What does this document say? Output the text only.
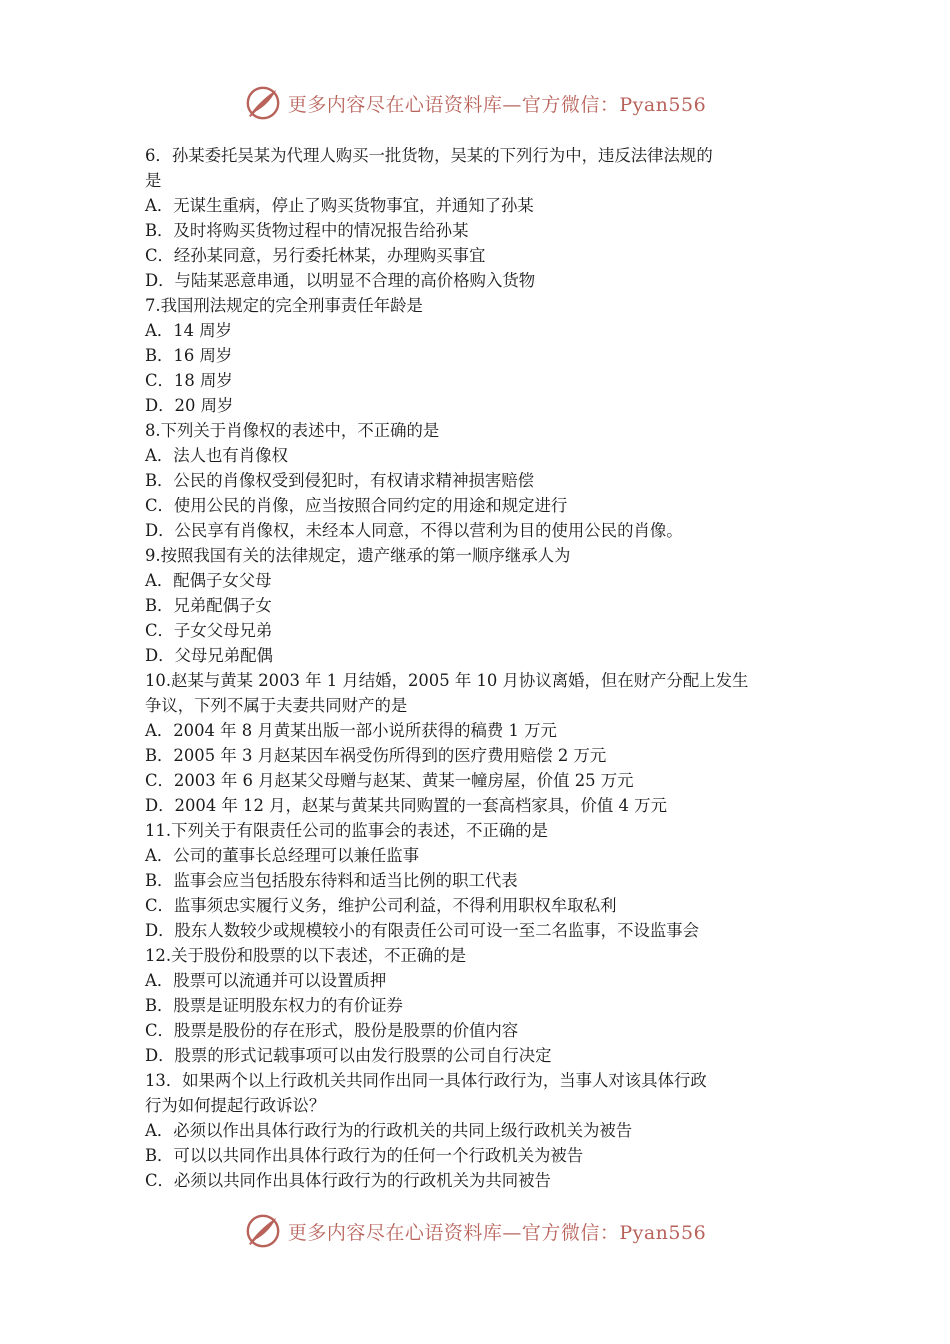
更多内容尽在心语资料库—官方微信：Pyan556
6．孙某委托吴某为代理人购买一批货物，吴某的下列行为中，违反法律法规的
是
A．无谋生重病，停止了购买货物事宜，并通知了孙某
B．及时将购买货物过程中的情况报告给孙某
C．经孙某同意，另行委托林某，办理购买事宜
D．与陆某恶意串通，以明显不合理的高价格购入货物
7.我国刑法规定的完全刑事责任年龄是
A．14 周岁
B．16 周岁
C．18 周岁
D．20 周岁
8.下列关于肖像权的表述中，不正确的是
A．法人也有肖像权
B．公民的肖像权受到侵犯时，有权请求精神损害赔偿
C．使用公民的肖像，应当按照合同约定的用途和规定进行
D．公民享有肖像权，未经本人同意，不得以营利为目的使用公民的肖像。
9.按照我国有关的法律规定，遗产继承的第一顺序继承人为
A．配偶子女父母
B．兄弟配偶子女
C．子女父母兄弟
D．父母兄弟配偶
10.赵某与黄某 2003 年 1 月结婚，2005 年 10 月协议离婚，但在财产分配上发生
争议，下列不属于夫妻共同财产的是
A．2004 年 8 月黄某出版一部小说所获得的稿费 1 万元
B．2005 年 3 月赵某因车祸受伤所得到的医疗费用赔偿 2 万元
C．2003 年 6 月赵某父母赠与赵某、黄某一幢房屋，价值 25 万元
D．2004 年 12 月，赵某与黄某共同购置的一套高档家具，价值 4 万元
11.下列关于有限责任公司的监事会的表述，不正确的是
A．公司的董事长总经理可以兼任监事
B．监事会应当包括股东待料和适当比例的职工代表
C．监事须忠实履行义务，维护公司利益，不得利用职权牟取私利
D．股东人数较少或规模较小的有限责任公司可设一至二名监事，不设监事会
12.关于股份和股票的以下表述，不正确的是
A．股票可以流通并可以设置质押
B．股票是证明股东权力的有价证券
C．股票是股份的存在形式，股份是股票的价值内容
D．股票的形式记载事项可以由发行股票的公司自行决定
13．如果两个以上行政机关共同作出同一具体行政行为，当事人对该具体行政
行为如何提起行政诉讼？
A．必须以作出具体行政行为的行政机关的共同上级行政机关为被告
B．可以以共同作出具体行政行为的任何一个行政机关为被告
C．必须以共同作出具体行政行为的行政机关为共同被告
更多内容尽在心语资料库—官方微信：Pyan556
